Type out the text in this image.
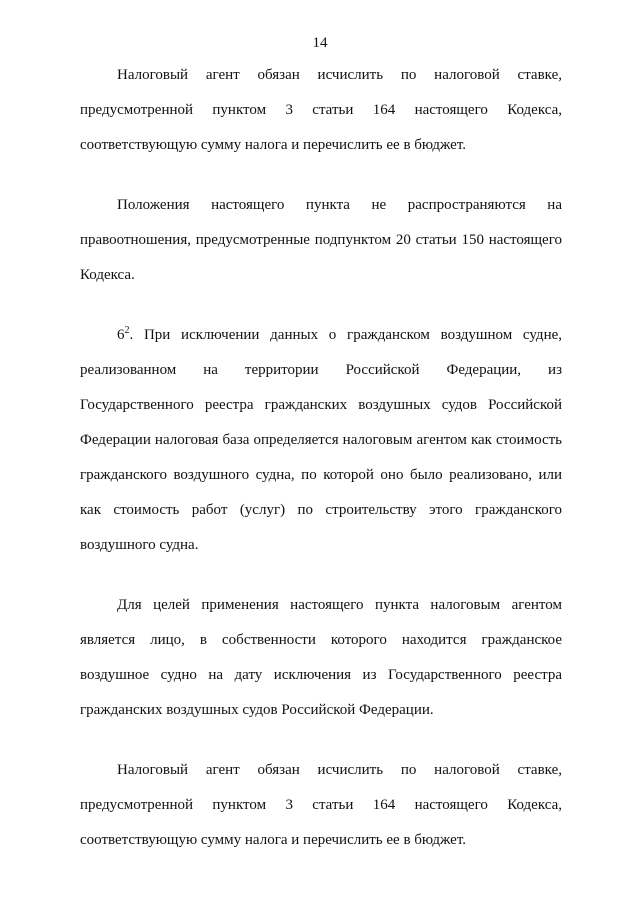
14

Налоговый агент обязан исчислить по налоговой ставке, предусмотренной пунктом 3 статьи 164 настоящего Кодекса, соответствующую сумму налога и перечислить ее в бюджет.

Положения настоящего пункта не распространяются на правоотношения, предусмотренные подпунктом 20 статьи 150 настоящего Кодекса.

$6^2$. При исключении данных о гражданском воздушном судне, реализованном на территории Российской Федерации, из Государственного реестра гражданских воздушных судов Российской Федерации налоговая база определяется налоговым агентом как стоимость гражданского воздушного судна, по которой оно было реализовано, или как стоимость работ (услуг) по строительству этого гражданского воздушного судна.

Для целей применения настоящего пункта налоговым агентом является лицо, в собственности которого находится гражданское воздушное судно на дату исключения из Государственного реестра гражданских воздушных судов Российской Федерации.

Налоговый агент обязан исчислить по налоговой ставке, предусмотренной пунктом 3 статьи 164 настоящего Кодекса, соответствующую сумму налога и перечислить ее в бюджет.
